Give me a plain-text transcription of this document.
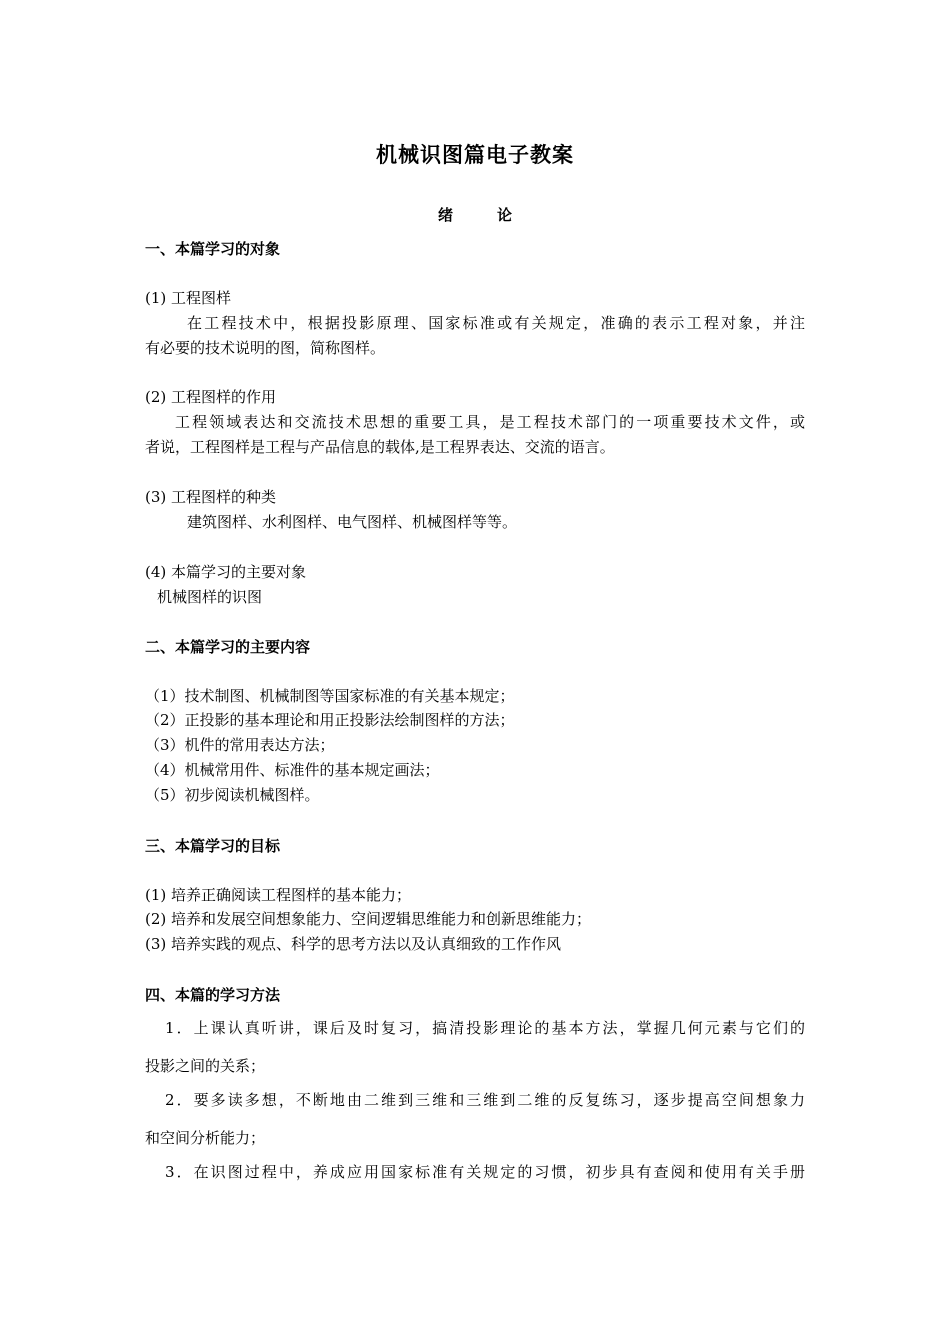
机械识图篇电子教案
绪	论
一、本篇学习的对象
(1) 工程图样
在工程技术中，根据投影原理、国家标准或有关规定，准确的表示工程对象，并注
有必要的技术说明的图，简称图样。
(2) 工程图样的作用
工程领域表达和交流技术思想的重要工具，是工程技术部门的一项重要技术文件，或
者说，工程图样是工程与产品信息的载体,是工程界表达、交流的语言。
(3) 工程图样的种类
建筑图样、水利图样、电气图样、机械图样等等。
(4) 本篇学习的主要对象
机械图样的识图
二、本篇学习的主要内容
（1）技术制图、机械制图等国家标准的有关基本规定；
（2）正投影的基本理论和用正投影法绘制图样的方法；
（3）机件的常用表达方法；
（4）机械常用件、标准件的基本规定画法；
（5）初步阅读机械图样。
三、本篇学习的目标
(1) 培养正确阅读工程图样的基本能力；
(2) 培养和发展空间想象能力、空间逻辑思维能力和创新思维能力；
(3) 培养实践的观点、科学的思考方法以及认真细致的工作作风
四、本篇的学习方法
1．上课认真听讲，课后及时复习，搞清投影理论的基本方法，掌握几何元素与它们的
投影之间的关系；
2．要多读多想，不断地由二维到三维和三维到二维的反复练习，逐步提高空间想象力
和空间分析能力；
3．在识图过程中，养成应用国家标准有关规定的习惯，初步具有查阅和使用有关手册
